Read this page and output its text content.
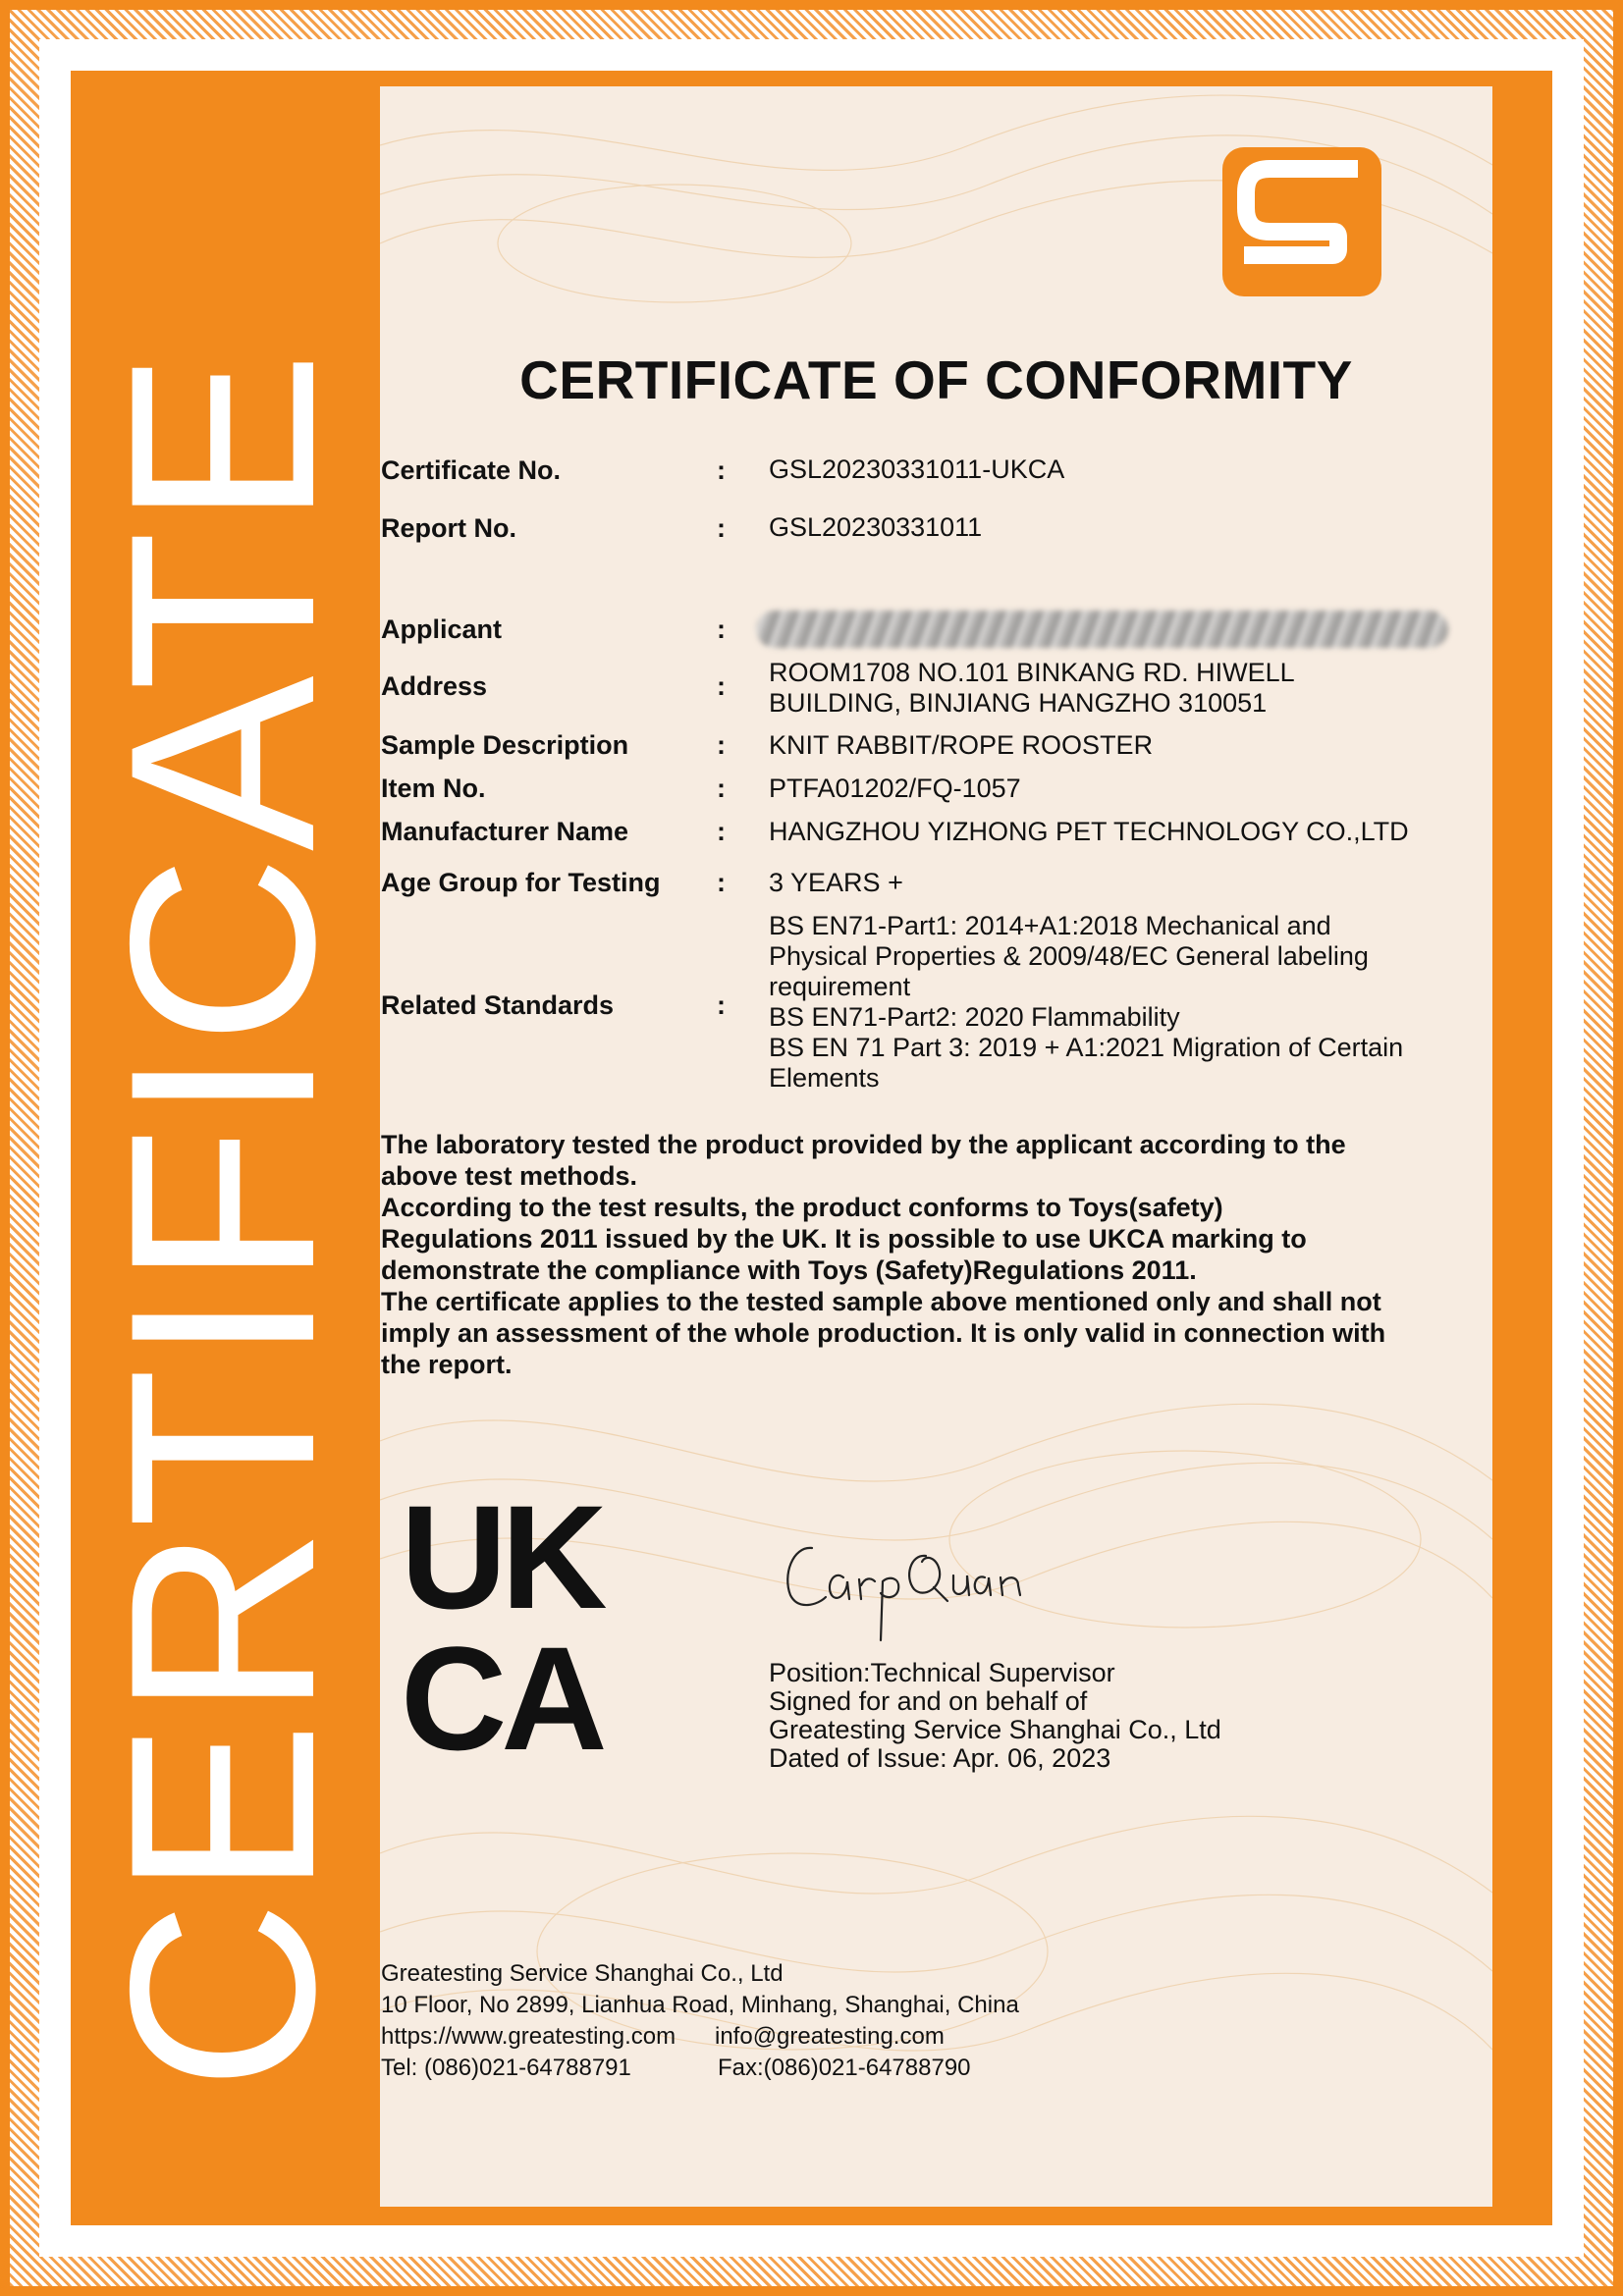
CERTIFICATE	CERTIFICATE OF CONFORMITY
Certificate No.	: GSL20230331011-UKCA
Report No.	: GSL20230331011
Applicant	:
Address	: ROOM1708 NO.101 BINKANG RD. HIWELL
BUILDING, BINJIANG HANGZHO 310051
Sample Description	: KNIT RABBIT/ROPE ROOSTER
Item No.	: PTFA01202/FQ-1057
Manufacturer Name	: HANGZHOU YIZHONG PET TECHNOLOGY CO.,LTD
Age Group for Testing : 3 YEARS +
Related Standards	:
BS EN71-Part1: 2014+A1:2018 Mechanical and
Physical Properties & 2009/48/EC General labeling
requirement
BS EN71-Part2: 2020 Flammability
BS EN 71 Part 3: 2019 + A1:2021 Migration of Certain
Elements

The laboratory tested the product provided by the applicant according to the

above test methods.

According to the test results, the product conforms to Toys(safety)

Regulations 2011 issued by the UK. It is possible to use UKCA marking to

demonstrate the compliance with Toys (Safety)Regulations 2011.

The certificate applies to the tested sample above mentioned only and shall not

imply an assessment of the whole production. It is only valid in connection with

the report.

UK
CA	Position:Technical Supervisor
Signed for and on behalf of
Greatesting Service Shanghai Co., Ltd
Dated of Issue: Apr. 06, 2023
Greatesting Service Shanghai Co., Ltd
10 Floor, No 2899, Lianhua Road, Minhang, Shanghai, China
https://www.greatesting.com info@greatesting.com
Tel: (086)021-64788791	Fax:(086)021-64788790
